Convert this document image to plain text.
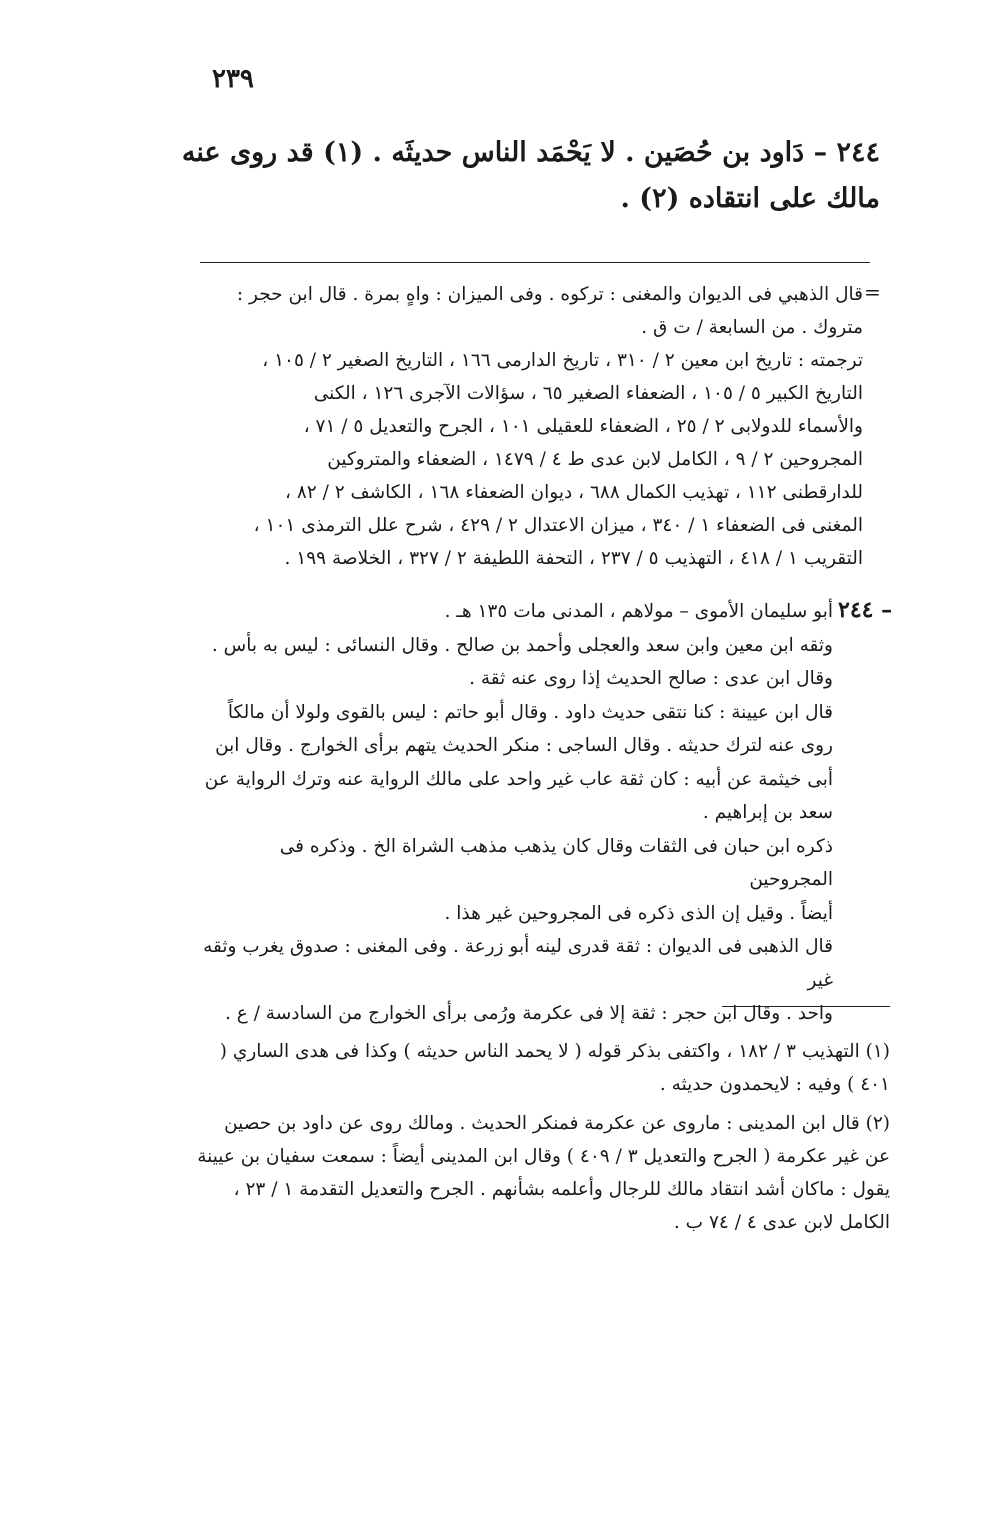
٢٣٩

٢٤٤ – دَاود بن حُصَين . لا يَحْمَد الناس حديثَه . (١) قد روى عنه

مالك على انتقاده (٢) .

=

قال الذهبي فى الديوان والمغنى : تركوه . وفى الميزان : واهٍ بمرة . قال ابن حجر :

متروك . من السابعة / ت ق .

ترجمته : تاريخ ابن معين ٢ / ٣١٠ ، تاريخ الدارمى ١٦٦ ، التاريخ الصغير ٢ / ١٠٥ ،

التاريخ الكبير ٥ / ١٠٥ ، الضعفاء الصغير ٦٥ ، سؤالات الآجرى ١٢٦ ، الكنى

والأسماء للدولابى ٢ / ٢٥ ، الضعفاء للعقيلى ١٠١ ، الجرح والتعديل ٥ / ٧١ ،

المجروحين ٢ / ٩ ، الكامل لابن عدى ط ٤ / ١٤٧٩ ، الضعفاء والمتروكين

للدارقطنى ١١٢ ، تهذيب الكمال ٦٨٨ ، ديوان الضعفاء ١٦٨ ، الكاشف ٢ / ٨٢ ،

المغنى فى الضعفاء ١ / ٣٤٠ ، ميزان الاعتدال ٢ / ٤٢٩ ، شرح علل الترمذى ١٠١ ،

التقريب ١ / ٤١٨ ، التهذيب ٥ / ٢٣٧ ، التحفة اللطيفة ٢ / ٣٢٧ ، الخلاصة ١٩٩ .

٢٤٤ –

أبو سليمان الأموى – مولاهم ، المدنى مات ١٣٥ هـ .

وثقه ابن معين وابن سعد والعجلى وأحمد بن صالح . وقال النسائى : ليس به بأس .

وقال ابن عدى : صالح الحديث إذا روى عنه ثقة .

قال ابن عيينة : كنا نتقى حديث داود . وقال أبو حاتم : ليس بالقوى ولولا أن مالكاً

روى عنه لترك حديثه . وقال الساجى : منكر الحديث يتهم برأى الخوارج . وقال ابن

أبى خيثمة عن أبيه : كان ثقة عاب غير واحد على مالك الرواية عنه وترك الرواية عن

سعد بن إبراهيم .

ذكره ابن حبان فى الثقات وقال كان يذهب مذهب الشراة الخ . وذكره فى المجروحين

أيضاً . وقيل إن الذى ذكره فى المجروحين غير هذا .

قال الذهبى فى الديوان : ثقة قدرى لينه أبو زرعة . وفى المغنى : صدوق يغرب وثقه غير

واحد . وقال ابن حجر : ثقة إلا فى عكرمة ورُمى برأى الخوارج من السادسة / ع .

(١) التهذيب ٣ / ١٨٢ ، واكتفى بذكر قوله ( لا يحمد الناس حديثه ) وكذا فى هدى الساري ( ٤٠١ ) وفيه : لايحمدون حديثه .

(٢) قال ابن المدينى : ماروى عن عكرمة فمنكر الحديث . ومالك روى عن داود بن حصين عن غير عكرمة ( الجرح والتعديل ٣ / ٤٠٩ ) وقال ابن المدينى أيضاً : سمعت سفيان بن عيينة يقول : ماكان أشد انتقاد مالك للرجال وأعلمه بشأنهم . الجرح والتعديل التقدمة ١ / ٢٣ ، الكامل لابن عدى ٤ / ٧٤ ب .
